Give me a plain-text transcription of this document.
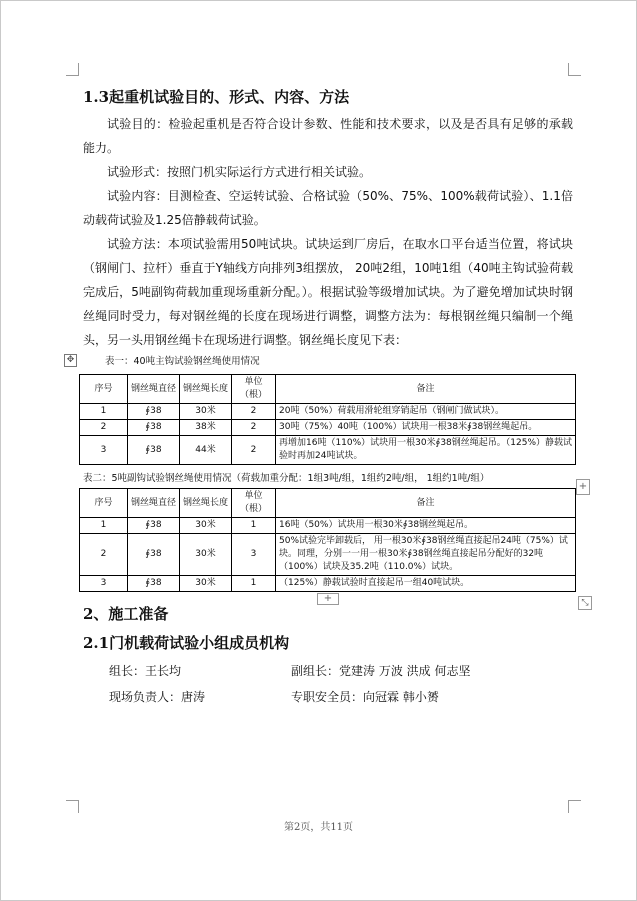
1.3起重机试验目的、形式、内容、方法

试验目的：检验起重机是否符合设计参数、性能和技术要求，以及是否具有足够的承载能力。

试验形式：按照门机实际运行方式进行相关试验。

试验内容：目测检查、空运转试验、合格试验（50%、75%、100%载荷试验）、1.1倍动载荷试验及1.25倍静载荷试验。

试验方法：本项试验需用50吨试块。试块运到厂房后，在取水口平台适当位置，将试块（钢闸门、拉杆）垂直于Y轴线方向排列3组摆放， 20吨2组，10吨1组（40吨主钩试验荷载完成后，5吨副钩荷载加重现场重新分配。）。根据试验等级增加试块。为了避免增加试块时钢丝绳同时受力，每对钢丝绳的长度在现场进行调整，调整方法为：每根钢丝绳只编制一个绳头，另一头用钢丝绳卡在现场进行调整。钢丝绳长度见下表：

✥	表一：40吨主钩试验钢丝绳使用情况
序号	钢丝绳直径	钢丝绳长度	单位（根）	备注
1	∮38	30米	2	20吨（50%）荷载用滑轮组穿销起吊（钢闸门做试块）。
2	∮38	38米	2	30吨（75%）40吨（100%）试块用一根38米∮38钢丝绳起吊。
3	∮38	44米	2	再增加16吨（110%）试块用一根30米∮38钢丝绳起吊。（125%）静载试验时再加24吨试块。
+
表二：5吨副钩试验钢丝绳使用情况（荷载加重分配：1组3吨/组，1组约2吨/组， 1组约1吨/组）
序号	钢丝绳直径	钢丝绳长度	单位（根）	备注
1	∮38	30米	1	16吨（50%）试块用一根30米∮38钢丝绳起吊。
2	∮38	30米	3	50%试验完毕卸载后， 用一根30米∮38钢丝绳直接起吊24吨（75%）试块。同理，分别一一用一根30米∮38钢丝绳直接起吊分配好的32吨（100%）试块及35.2吨（110.0%）试块。
3	∮38	30米	1	（125%）静载试验时直接起吊一组40吨试块。
+	⤡
2、施工准备
2.1门机载荷试验小组成员机构
组长：王长均	副组长：党建涛 万波 洪成 何志坚
现场负责人：唐涛	专职安全员：向冠霖 韩小赟
第2页，共11页
